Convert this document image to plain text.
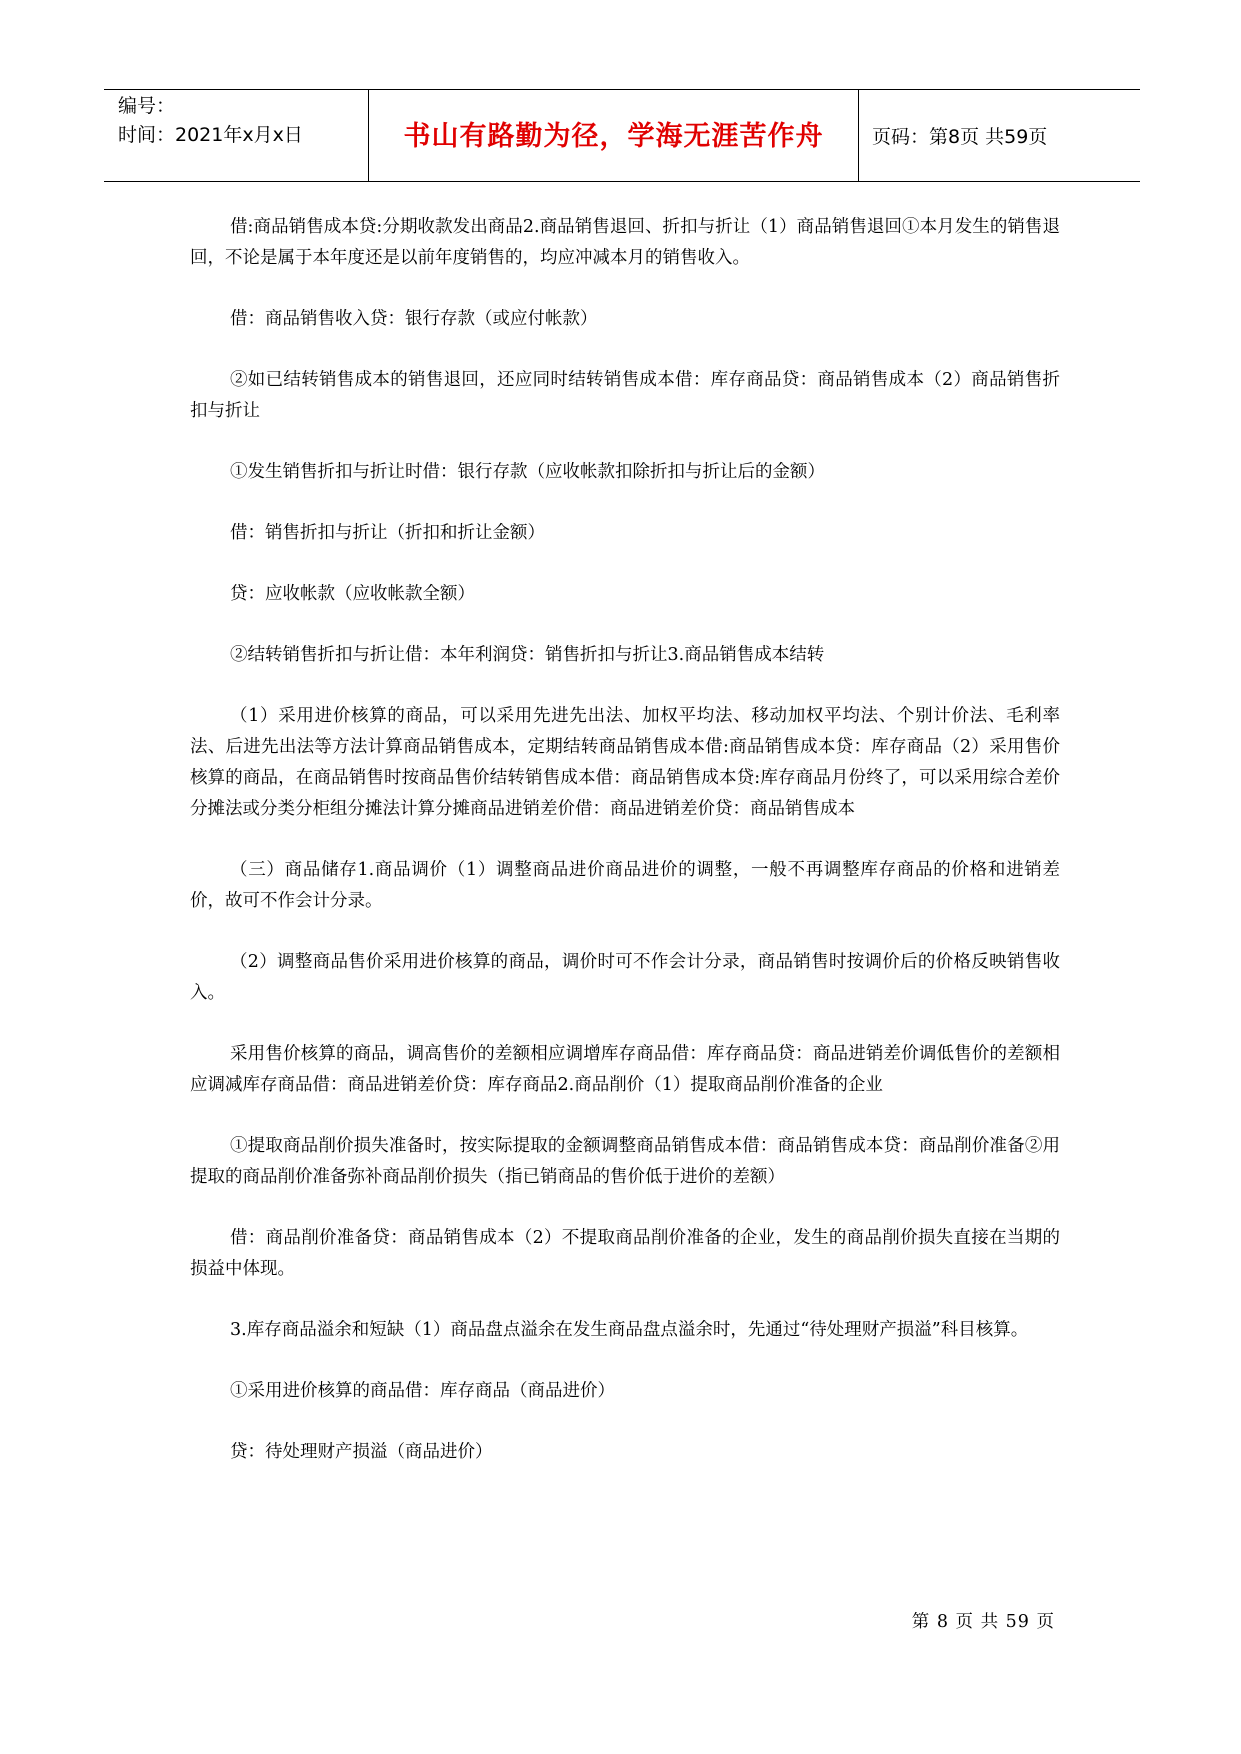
编号：
时间：2021年x月x日	书山有路勤为径，学海无涯苦作舟	页码：第8页 共59页

借:商品销售成本贷:分期收款发出商品2.商品销售退回、折扣与折让（1）商品销售退回①本月发生的销售退回，不论是属于本年度还是以前年度销售的，均应冲减本月的销售收入。

借：商品销售收入贷：银行存款（或应付帐款）

②如已结转销售成本的销售退回，还应同时结转销售成本借：库存商品贷：商品销售成本（2）商品销售折扣与折让

①发生销售折扣与折让时借：银行存款（应收帐款扣除折扣与折让后的金额）

借：销售折扣与折让（折扣和折让金额）

贷：应收帐款（应收帐款全额）

②结转销售折扣与折让借：本年利润贷：销售折扣与折让3.商品销售成本结转

（1）采用进价核算的商品，可以采用先进先出法、加权平均法、移动加权平均法、个别计价法、毛利率法、后进先出法等方法计算商品销售成本，定期结转商品销售成本借:商品销售成本贷：库存商品（2）采用售价核算的商品，在商品销售时按商品售价结转销售成本借：商品销售成本贷:库存商品月份终了，可以采用综合差价分摊法或分类分柜组分摊法计算分摊商品进销差价借：商品进销差价贷：商品销售成本

（三）商品储存1.商品调价（1）调整商品进价商品进价的调整，一般不再调整库存商品的价格和进销差价，故可不作会计分录。

（2）调整商品售价采用进价核算的商品，调价时可不作会计分录，商品销售时按调价后的价格反映销售收入。

采用售价核算的商品，调高售价的差额相应调增库存商品借：库存商品贷：商品进销差价调低售价的差额相应调减库存商品借：商品进销差价贷：库存商品2.商品削价（1）提取商品削价准备的企业

①提取商品削价损失准备时，按实际提取的金额调整商品销售成本借：商品销售成本贷：商品削价准备②用提取的商品削价准备弥补商品削价损失（指已销商品的售价低于进价的差额）

借：商品削价准备贷：商品销售成本（2）不提取商品削价准备的企业，发生的商品削价损失直接在当期的损益中体现。

3.库存商品溢余和短缺（1）商品盘点溢余在发生商品盘点溢余时，先通过“待处理财产损溢”科目核算。

①采用进价核算的商品借：库存商品（商品进价）

贷：待处理财产损溢（商品进价）

第 8 页 共 59 页
